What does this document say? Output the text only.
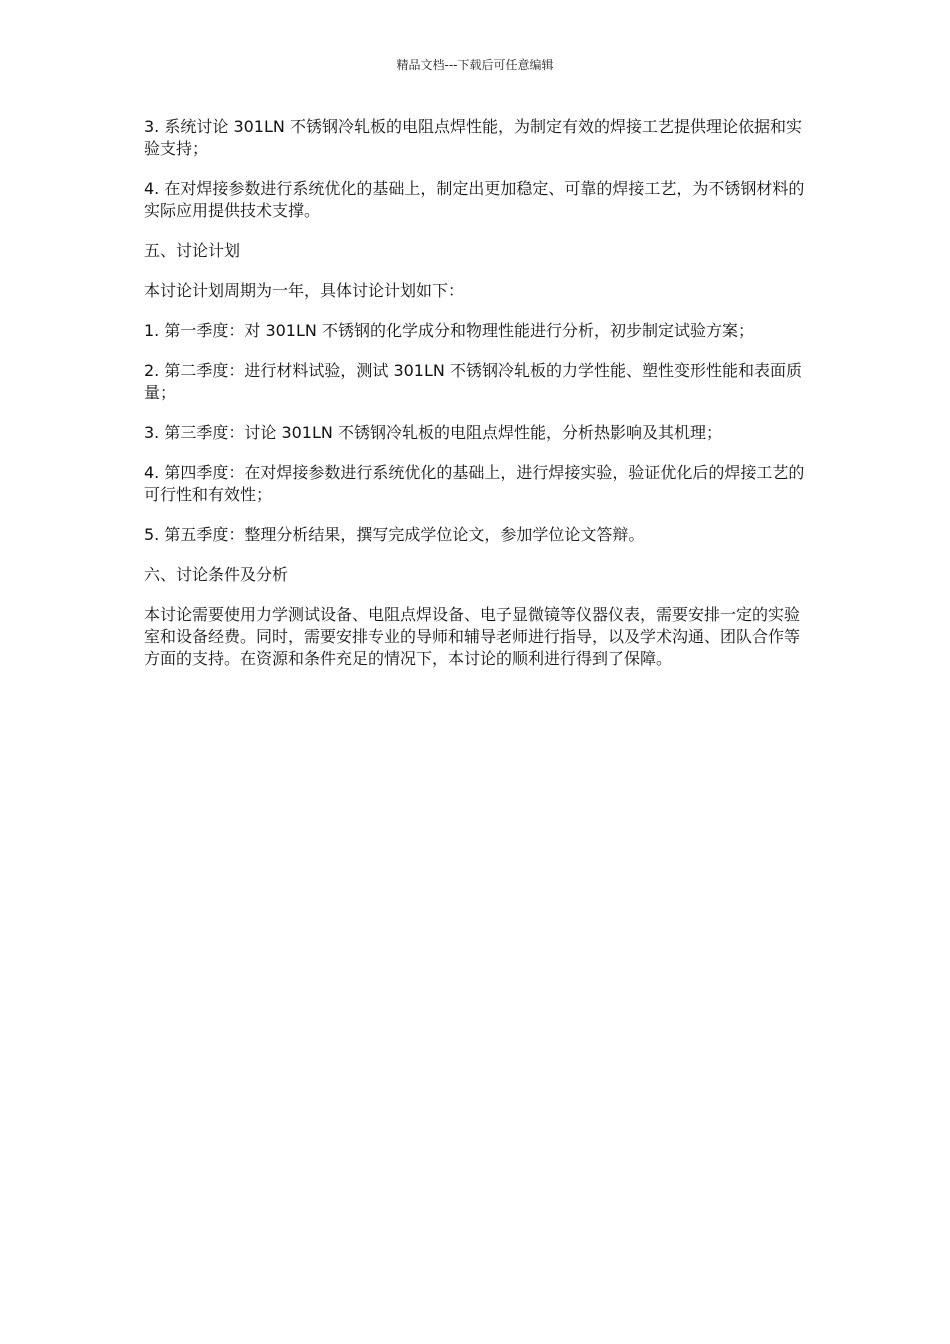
精品文档---下载后可任意编辑

3. 系统讨论 301LN 不锈钢冷轧板的电阻点焊性能，为制定有效的焊接工艺提供理论依据和实验支持；

4. 在对焊接参数进行系统优化的基础上，制定出更加稳定、可靠的焊接工艺，为不锈钢材料的实际应用提供技术支撑。

五、讨论计划

本讨论计划周期为一年，具体讨论计划如下：

1. 第一季度：对 301LN 不锈钢的化学成分和物理性能进行分析，初步制定试验方案；

2. 第二季度：进行材料试验，测试 301LN 不锈钢冷轧板的力学性能、塑性变形性能和表面质量；

3. 第三季度：讨论 301LN 不锈钢冷轧板的电阻点焊性能，分析热影响及其机理；

4. 第四季度：在对焊接参数进行系统优化的基础上，进行焊接实验，验证优化后的焊接工艺的可行性和有效性；

5. 第五季度：整理分析结果，撰写完成学位论文，参加学位论文答辩。

六、讨论条件及分析

本讨论需要使用力学测试设备、电阻点焊设备、电子显微镜等仪器仪表，需要安排一定的实验室和设备经费。同时，需要安排专业的导师和辅导老师进行指导，以及学术沟通、团队合作等方面的支持。在资源和条件充足的情况下，本讨论的顺利进行得到了保障。
